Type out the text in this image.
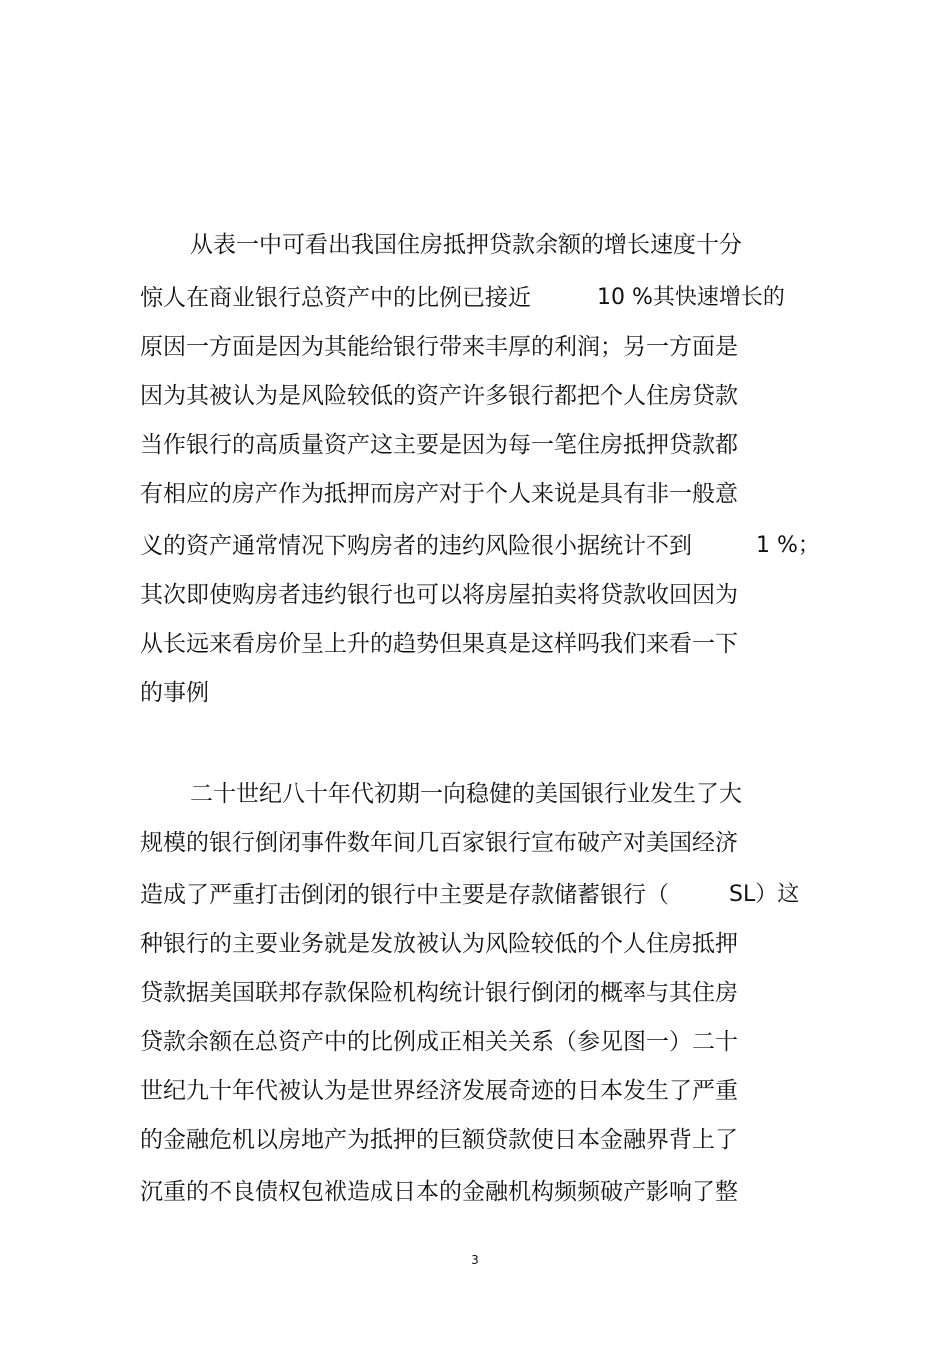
从表一中可看出我国住房抵押贷款余额的增长速度十分
惊人在商业银行总资产中的比例已接近	10 %其快速增长的
原因一方面是因为其能给银行带来丰厚的利润；另一方面是
因为其被认为是风险较低的资产许多银行都把个人住房贷款
当作银行的高质量资产这主要是因为每一笔住房抵押贷款都
有相应的房产作为抵押而房产对于个人来说是具有非一般意
义的资产通常情况下购房者的违约风险很小据统计不到	1 %；
其次即使购房者违约银行也可以将房屋拍卖将贷款收回因为
从长远来看房价呈上升的趋势但果真是这样吗我们来看一下
的事例
二十世纪八十年代初期一向稳健的美国银行业发生了大
规模的银行倒闭事件数年间几百家银行宣布破产对美国经济
造成了严重打击倒闭的银行中主要是存款储蓄银行（	SL）这
种银行的主要业务就是发放被认为风险较低的个人住房抵押
贷款据美国联邦存款保险机构统计银行倒闭的概率与其住房
贷款余额在总资产中的比例成正相关关系（参见图一）二十
世纪九十年代被认为是世界经济发展奇迹的日本发生了严重
的金融危机以房地产为抵押的巨额贷款使日本金融界背上了
沉重的不良债权包袱造成日本的金融机构频频破产影响了整
3
